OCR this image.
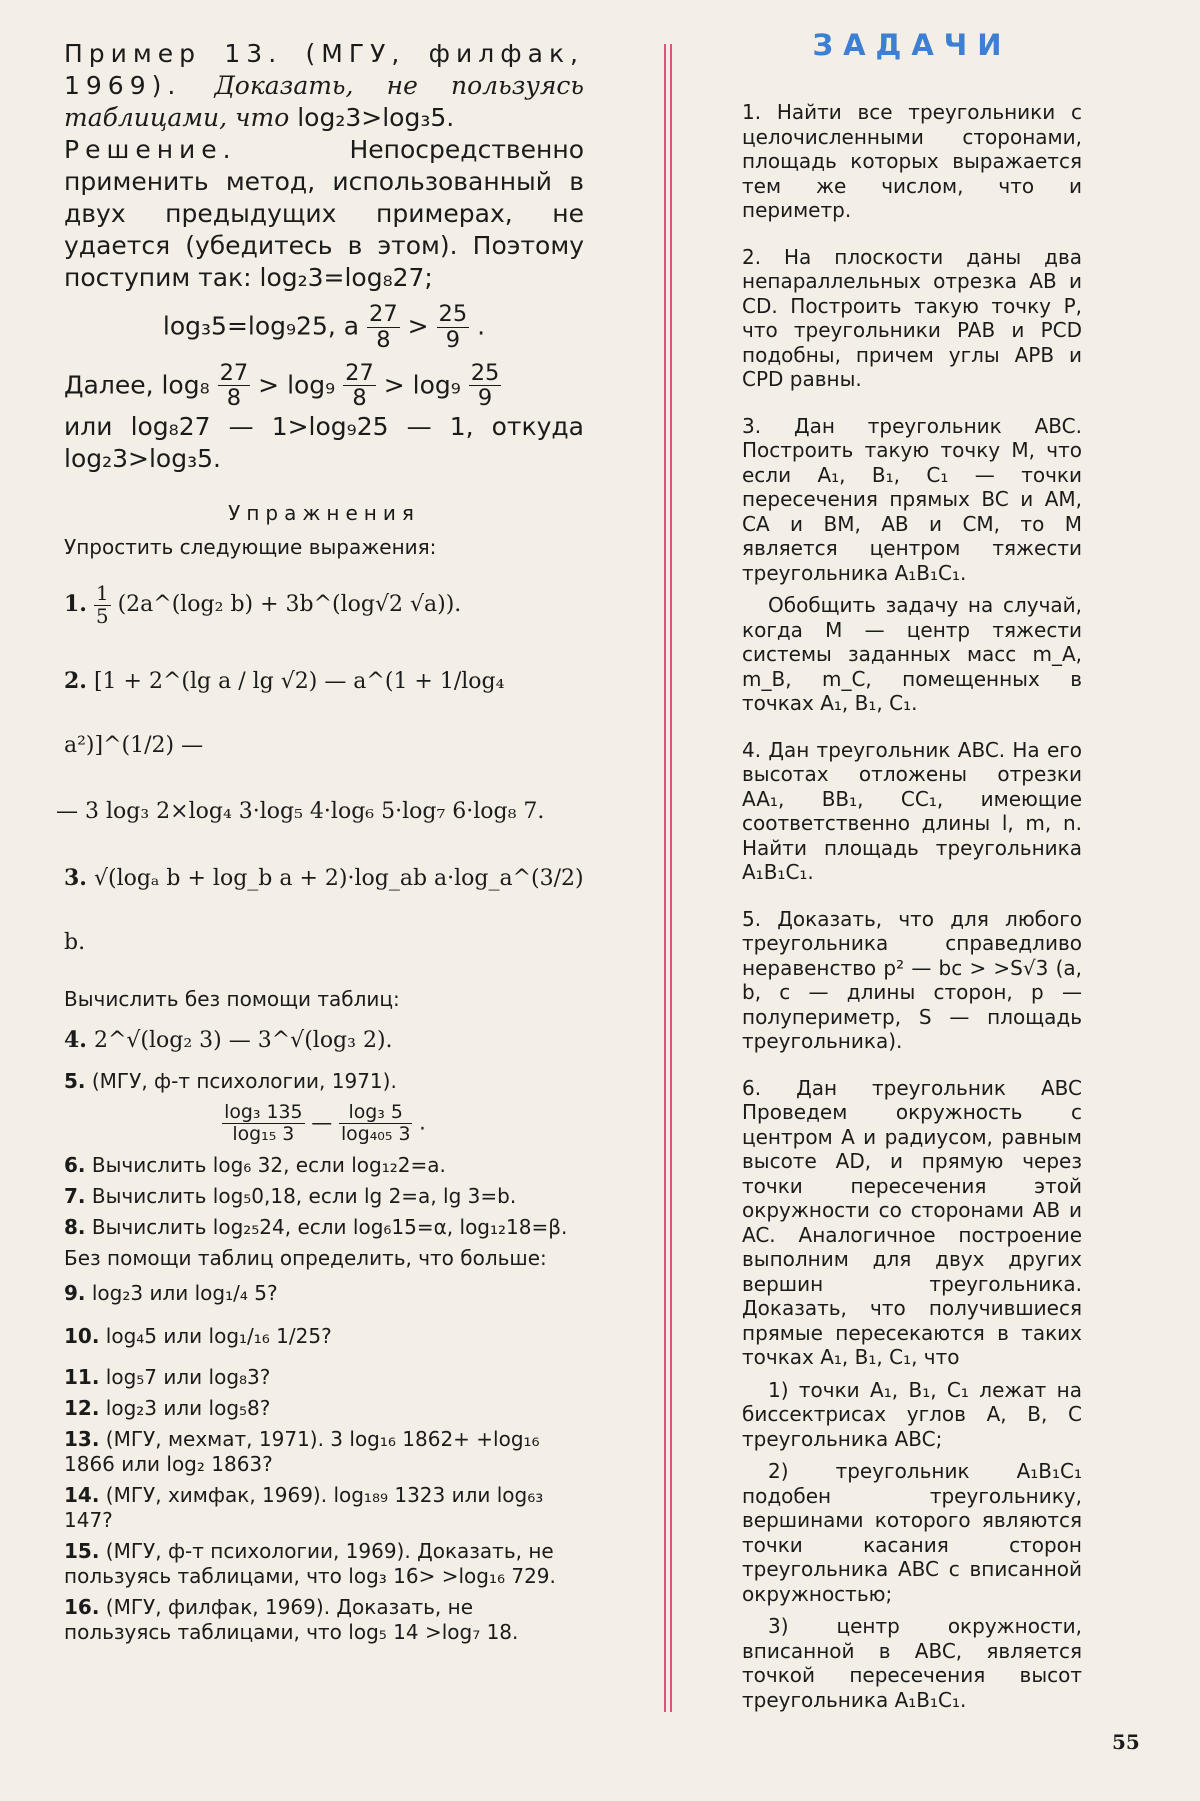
Пример 13. (МГУ, филфак, 1969). Доказать, не пользуясь таблицами, что log₂3>log₃5.

Решение.	Непосредственно применить метод, использованный в двух предыдущих примерах, не удается (убедитесь в этом). Поэтому поступим так: log₂3=log₈27;

log₃5=log₉25, а $\frac{27}{8} > \frac{25}{9}$ .
Далее, $\log_8 \frac{27}{8} > \log_9 \frac{27}{8} > \log_9 \frac{25}{9}$

или log₈27 — 1>log₉25 — 1, откуда log₂3>log₃5.

Упражнения

Упростить следующие выражения:

1. $\frac{1}{5}$ (2a^(log₂ b) + 3b^(log√2 √a)).
2. [1 + 2^(lg a / lg √2) — a^(1 + 1/log₄ a²)]^(1/2) —
— 3 log₃ 2×log₄ 3·log₅ 4·log₆ 5·log₇ 6·log₈ 7.
3. √(logₐ b + log_b a + 2)·log_ab a·log_a^(3/2) b.

Вычислить без помощи таблиц:

4. 2^√(log₂ 3) — 3^√(log₃ 2).

5. (МГУ, ф-т психологии, 1971).

$\frac{\text{log₃ 135}}{\text{log₁₅ 3}}$ — $\frac{\text{log₃ 5}}{\text{log₄₀₅ 3}}$ .

6. Вычислить log₆ 32, если log₁₂2=a.

7. Вычислить log₅0,18, если lg 2=a, lg 3=b.

8. Вычислить log₂₅24, если log₆15=α, log₁₂18=β.

Без помощи таблиц определить, что больше:

9. log₂3 или log₁/₄ 5?

10. log₄5 или log₁/₁₆ 1/25?

11. log₅7 или log₈3?

12. log₂3 или log₅8?

13. (МГУ, мехмат, 1971). 3 log₁₆ 1862+ +log₁₆ 1866 или log₂ 1863?

14. (МГУ, химфак, 1969). log₁₈₉ 1323 или log₆₃ 147?

15. (МГУ, ф-т психологии, 1969). Доказать, не пользуясь таблицами, что log₃ 16> >log₁₆ 729.

16. (МГУ, филфак, 1969). Доказать, не пользуясь таблицами, что log₅ 14 >log₇ 18.

ЗАДАЧИ

1. Найти все треугольники с целочисленными сторонами, площадь которых выражается тем же числом, что и периметр.

2. На плоскости даны два непараллельных отрезка AB и CD. Построить такую точку P, что треугольники PAB и PCD подобны, причем углы APB и CPD равны.

3. Дан треугольник ABC. Построить такую точку M, что если A₁, B₁, C₁ — точки пересечения прямых BC и AM, CA и BM, AB и CM, то M является центром тяжести треугольника A₁B₁C₁.

Обобщить задачу на случай, когда M — центр тяжести системы заданных масс m_A, m_B, m_C, помещенных в точках A₁, B₁, C₁.

4. Дан треугольник ABC. На его высотах отложены отрезки AA₁, BB₁, CC₁, имеющие соответственно длины l, m, n. Найти площадь треугольника A₁B₁C₁.

5. Доказать, что для любого треугольника справедливо неравенство p² — bc > >S√3 (a, b, c — длины сторон, p — полупериметр, S — площадь треугольника).

6. Дан треугольник ABC Проведем окружность с центром A и радиусом, равным высоте AD, и прямую через точки пересечения этой окружности со сторонами AB и AC. Аналогичное построение выполним для двух других вершин треугольника. Доказать, что получившиеся прямые пересекаются в таких точках A₁, B₁, C₁, что

1) точки A₁, B₁, C₁ лежат на биссектрисах углов A, B, C треугольника ABC;

2) треугольник A₁B₁C₁ подобен треугольнику, вершинами которого являются точки касания сторон треугольника ABC с вписанной окружностью;

3) центр окружности, вписанной в ABC, является точкой пересечения высот треугольника A₁B₁C₁.

55
